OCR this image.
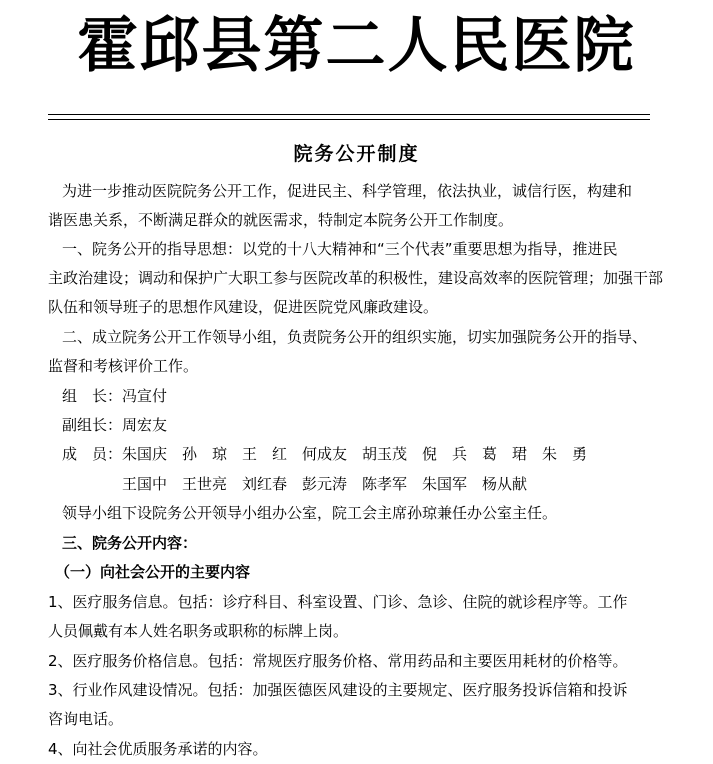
霍邱县第二人民医院
院务公开制度
为进一步推动医院院务公开工作，促进民主、科学管理，依法执业，诚信行医，构建和
谐医患关系，不断满足群众的就医需求，特制定本院务公开工作制度。
一、院务公开的指导思想：以党的十八大精神和“三个代表”重要思想为指导，推进民
主政治建设；调动和保护广大职工参与医院改革的积极性，建设高效率的医院管理；加强干部
队伍和领导班子的思想作风建设，促进医院党风廉政建设。
二、成立院务公开工作领导小组，负责院务公开的组织实施，切实加强院务公开的指导、
监督和考核评价工作。
组　长：冯宣付
副组长：周宏友
成　员：朱国庆　孙　琼　王　红　何成友　胡玉茂　倪　兵　葛　珺　朱　勇
王国中　王世亮　刘红春　彭元涛　陈孝军　朱国军　杨从献
领导小组下设院务公开领导小组办公室，院工会主席孙琼兼任办公室主任。
三、院务公开内容：
（一）向社会公开的主要内容
1、医疗服务信息。包括：诊疗科目、科室设置、门诊、急诊、住院的就诊程序等。工作
人员佩戴有本人姓名职务或职称的标牌上岗。
2、医疗服务价格信息。包括：常规医疗服务价格、常用药品和主要医用耗材的价格等。
3、行业作风建设情况。包括：加强医德医风建设的主要规定、医疗服务投诉信箱和投诉
咨询电话。
4、向社会优质服务承诺的内容。
